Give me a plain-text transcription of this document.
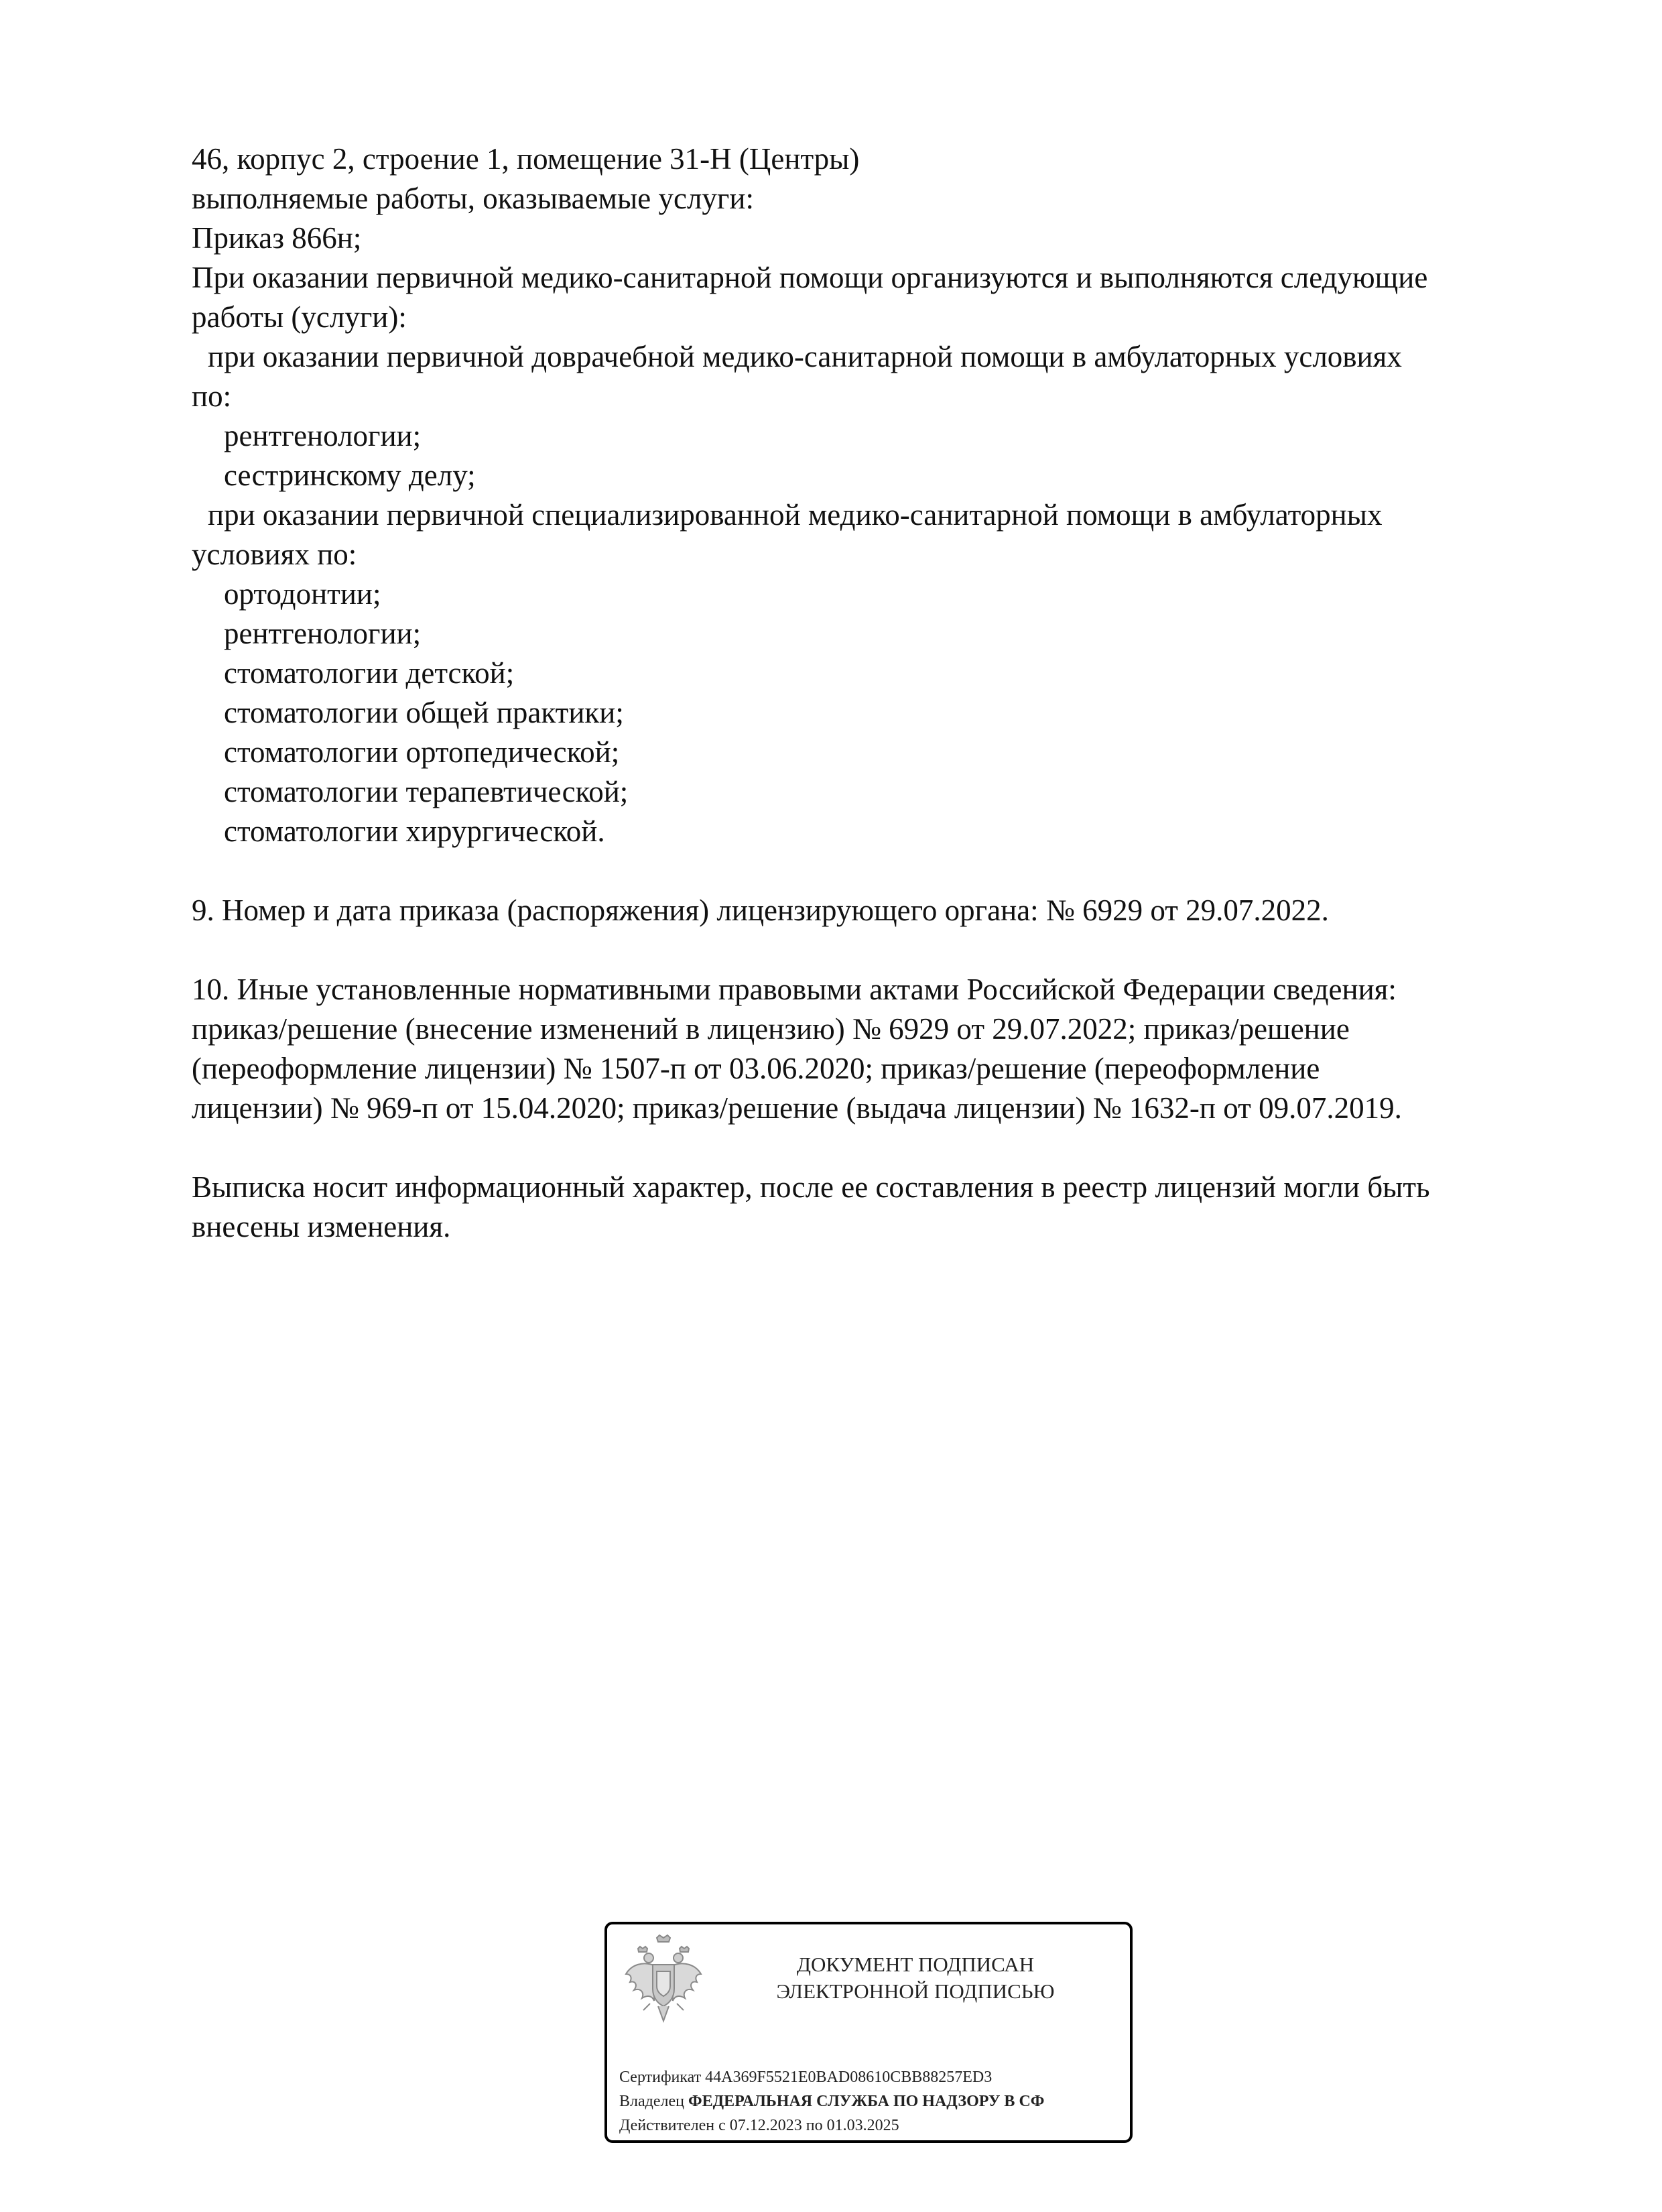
46, корпус 2, строение 1, помещение 31-Н (Центры)
выполняемые работы, оказываемые услуги:
Приказ 866н;
При оказании первичной медико-санитарной помощи организуются и выполняются следующие
работы (услуги):
при оказании первичной доврачебной медико-санитарной помощи в амбулаторных условиях
по:
рентгенологии;
сестринскому делу;
при оказании первичной специализированной медико-санитарной помощи в амбулаторных
условиях по:
ортодонтии;
рентгенологии;
стоматологии детской;
стоматологии общей практики;
стоматологии ортопедической;
стоматологии терапевтической;
стоматологии хирургической.
9. Номер и дата приказа (распоряжения) лицензирующего органа: № 6929 от 29.07.2022.
10. Иные установленные нормативными правовыми актами Российской Федерации сведения:
приказ/решение (внесение изменений в лицензию) № 6929 от 29.07.2022; приказ/решение
(переоформление лицензии) № 1507-п от 03.06.2020; приказ/решение (переоформление
лицензии) № 969-п от 15.04.2020; приказ/решение (выдача лицензии) № 1632-п от 09.07.2019.
Выписка носит информационный характер, после ее составления в реестр лицензий могли быть
внесены изменения.
ДОКУМЕНТ ПОДПИСАН
ЭЛЕКТРОННОЙ ПОДПИСЬЮ
Сертификат 44A369F5521E0BAD08610CBB88257ED3
Владелец ФЕДЕРАЛЬНАЯ СЛУЖБА ПО НАДЗОРУ В СФ
Действителен с 07.12.2023 по 01.03.2025
